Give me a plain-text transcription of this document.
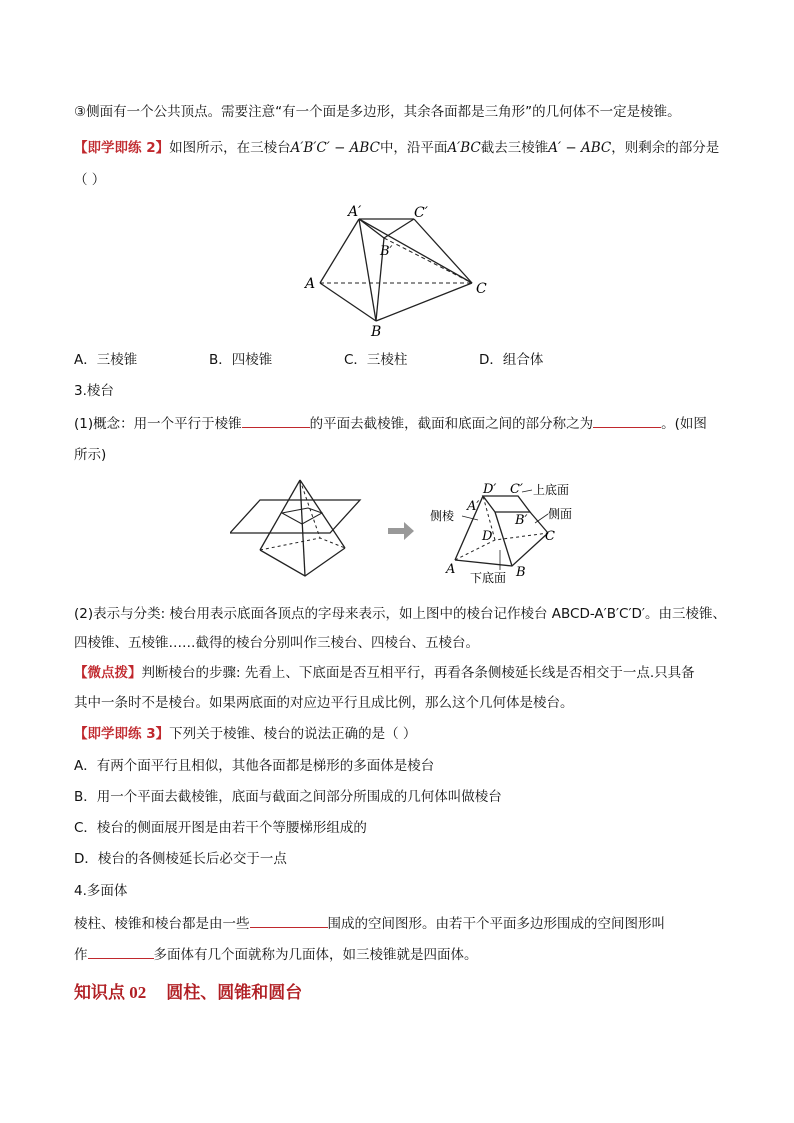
③侧面有一个公共顶点。需要注意“有一个面是多边形，其余各面都是三角形”的几何体不一定是棱锥。
【即学即练 2】如图所示，在三棱台A′B′C′ − ABC中，沿平面A′BC截去三棱锥A′ − ABC，则剩余的部分是
（ ）
A′	C′
B′
A	C
B
A．三棱锥	B．四棱锥	C．三棱柱	D．组合体
3.棱台
(1)概念：用一个平行于棱锥	的平面去截棱锥，截面和底面之间的部分称之为	。(如图
所示)
D′ C′ 上底面
侧棱
A′
B′ 侧面
D	C
A	B
下底面
(2)表示与分类: 棱台用表示底面各顶点的字母来表示，如上图中的棱台记作棱台 ABCD-A′B′C′D′。由三棱锥、
四棱锥、五棱锥……截得的棱台分别叫作三棱台、四棱台、五棱台。
【微点拨】判断棱台的步骤: 先看上、下底面是否互相平行，再看各条侧棱延长线是否相交于一点.只具备
其中一条时不是棱台。如果两底面的对应边平行且成比例，那么这个几何体是棱台。
【即学即练 3】下列关于棱锥、棱台的说法正确的是（ ）
A．有两个面平行且相似，其他各面都是梯形的多面体是棱台
B．用一个平面去截棱锥，底面与截面之间部分所围成的几何体叫做棱台
C．棱台的侧面展开图是由若干个等腰梯形组成的
D．棱台的各侧棱延长后必交于一点
4.多面体
棱柱、棱锥和棱台都是由一些	围成的空间图形。由若干个平面多边形围成的空间图形叫
作	多面体有几个面就称为几面体，如三棱锥就是四面体。
知识点 02 圆柱、圆锥和圆台
